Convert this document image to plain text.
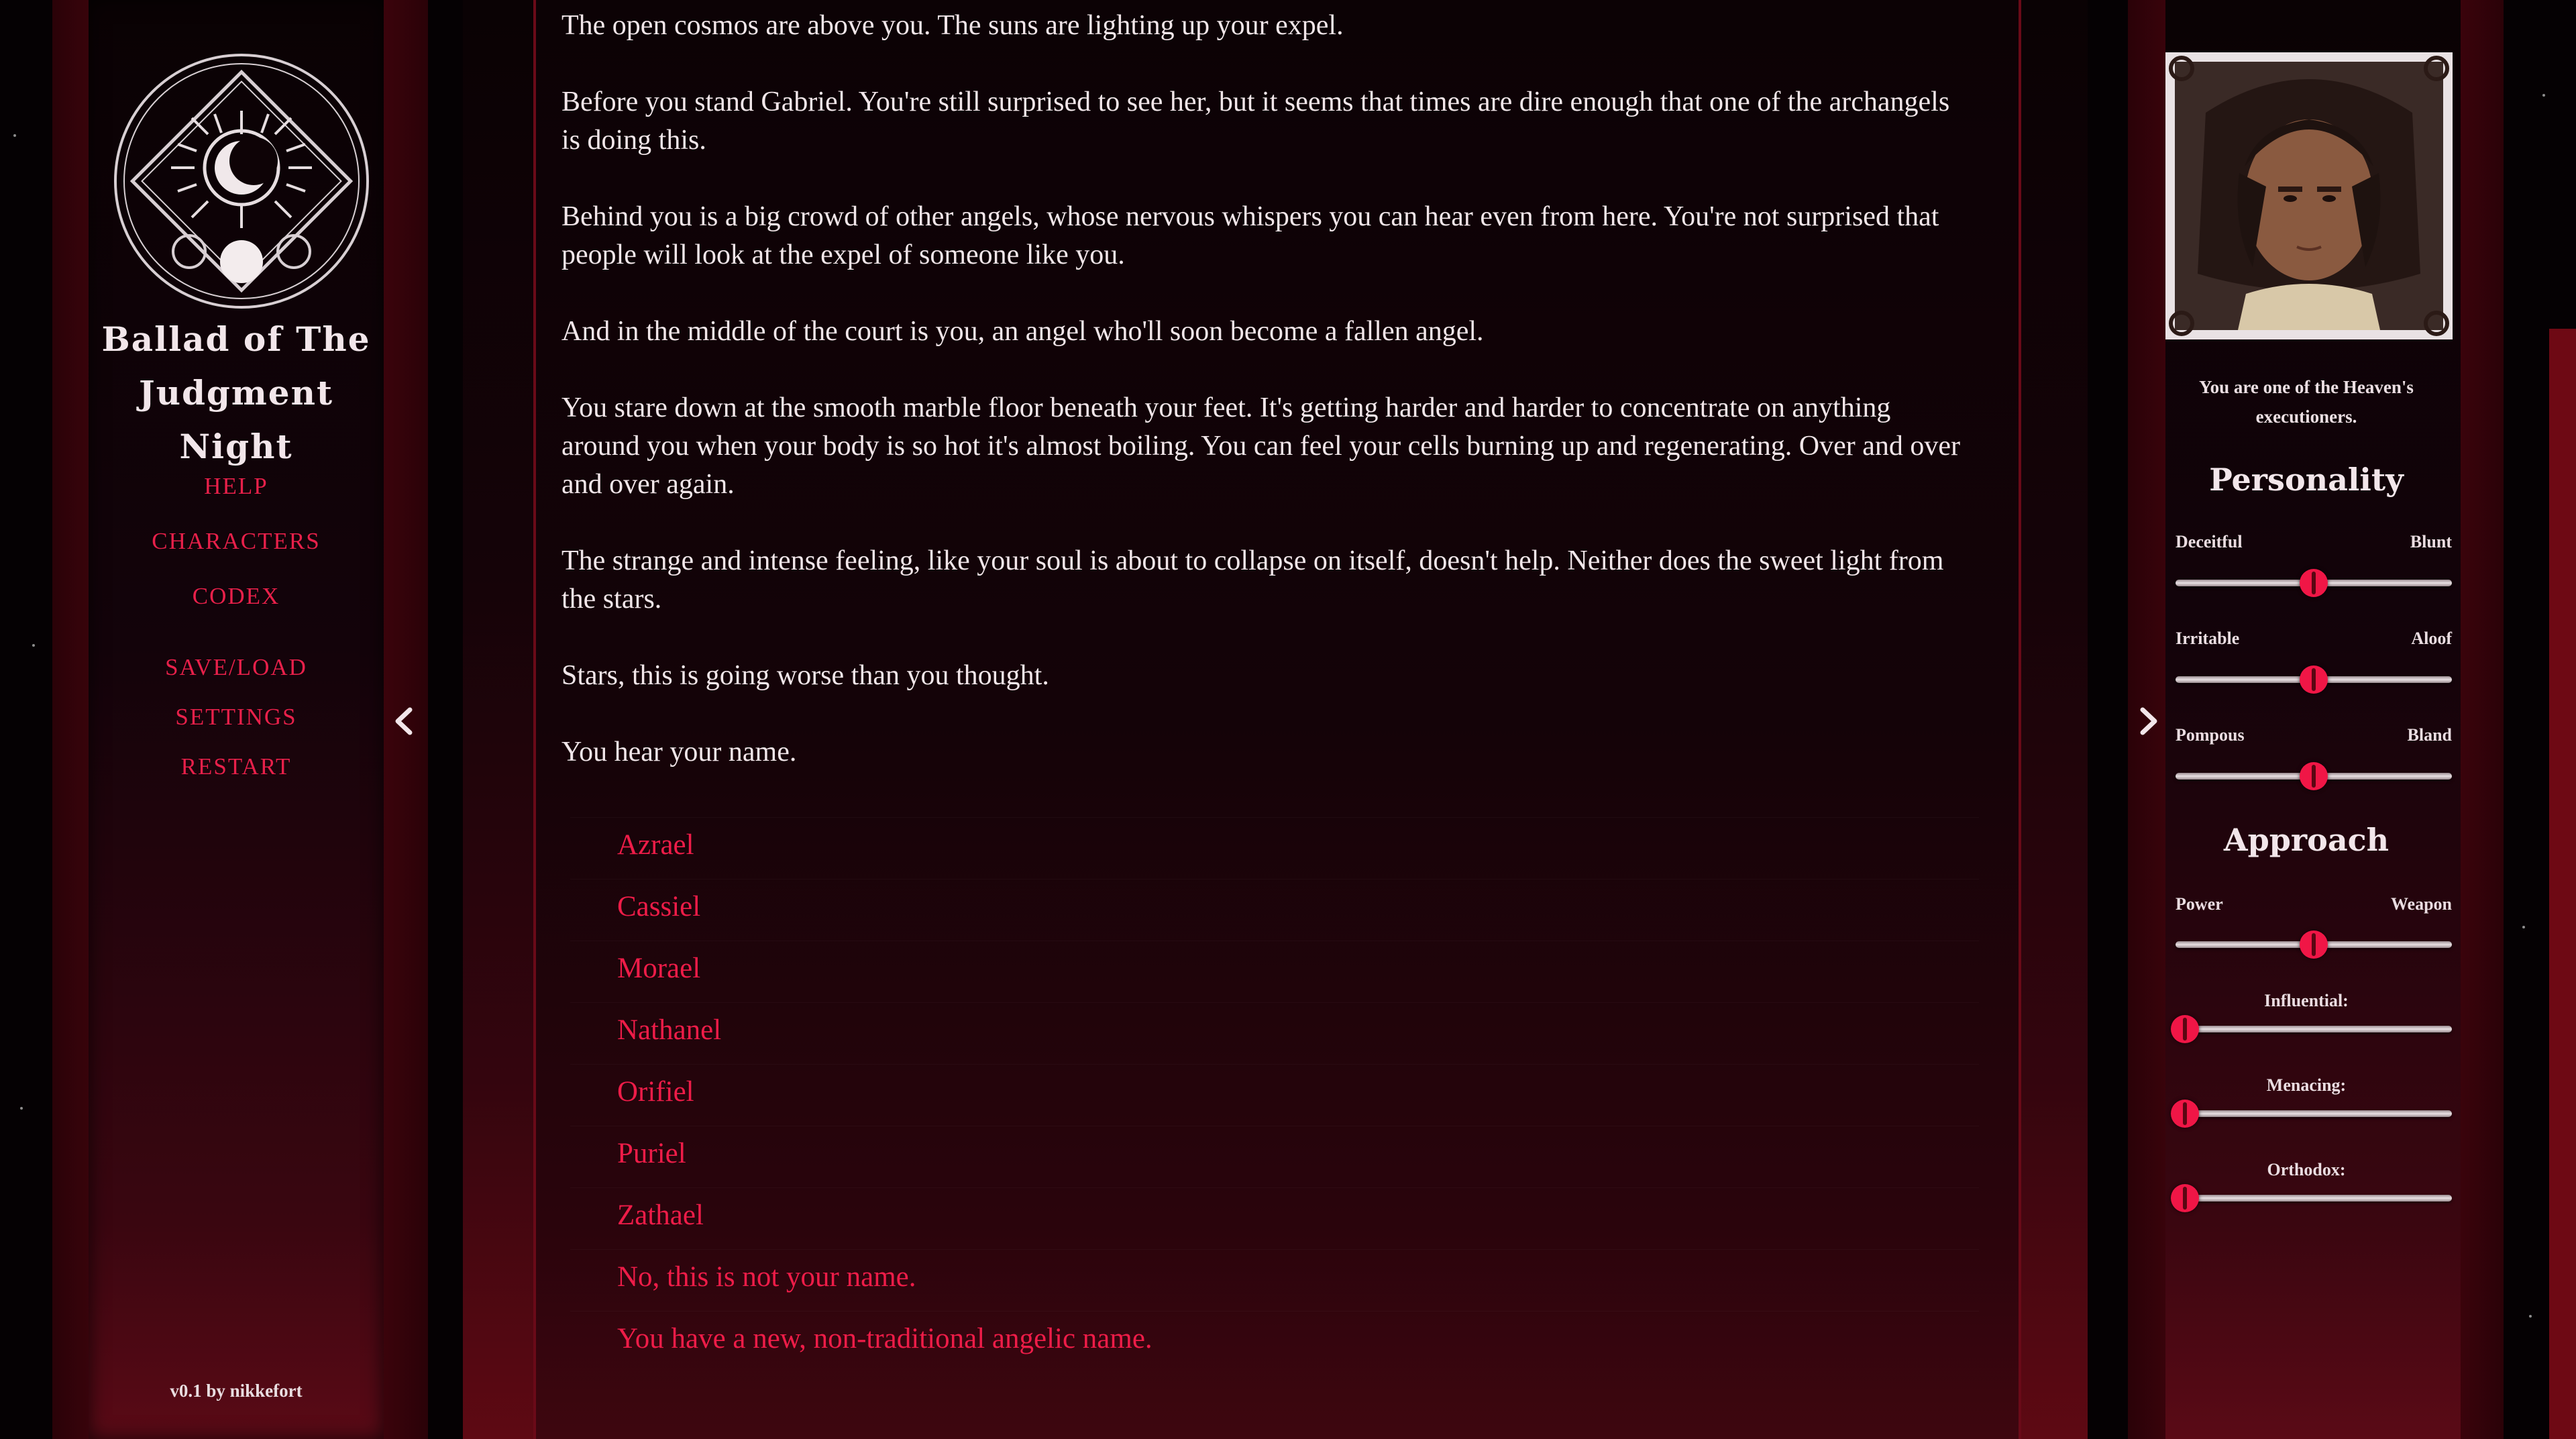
Ballad of The
Judgment Night
HELP
CHARACTERS
CODEX
SAVE/LOAD
SETTINGS
RESTART
v0.1 by nikkefort

The open cosmos are above you. The suns are lighting up your expel.

Before you stand Gabriel. You're still surprised to see her, but it seems that times are dire enough that one of the archangels is doing this.

Behind you is a big crowd of other angels, whose nervous whispers you can hear even from here. You're not surprised that people will look at the expel of someone like you.

And in the middle of the court is you, an angel who'll soon become a fallen angel.

You stare down at the smooth marble floor beneath your feet. It's getting harder and harder to concentrate on anything around you when your body is so hot it's almost boiling. You can feel your cells burning up and regenerating. Over and over and over again.

The strange and intense feeling, like your soul is about to collapse on itself, doesn't help. Neither does the sweet light from the stars.

Stars, this is going worse than you thought.

You hear your name.

Azrael
Cassiel
Morael
Nathanel
Orifiel
Puriel
Zathael
No, this is not your name.
You have a new, non-traditional angelic name.
You are one of the Heaven's executioners.
Personality
Deceitful	Blunt
Irritable	Aloof
Pompous	Bland
Approach
Power	Weapon
Influential:
Menacing:
Orthodox:
